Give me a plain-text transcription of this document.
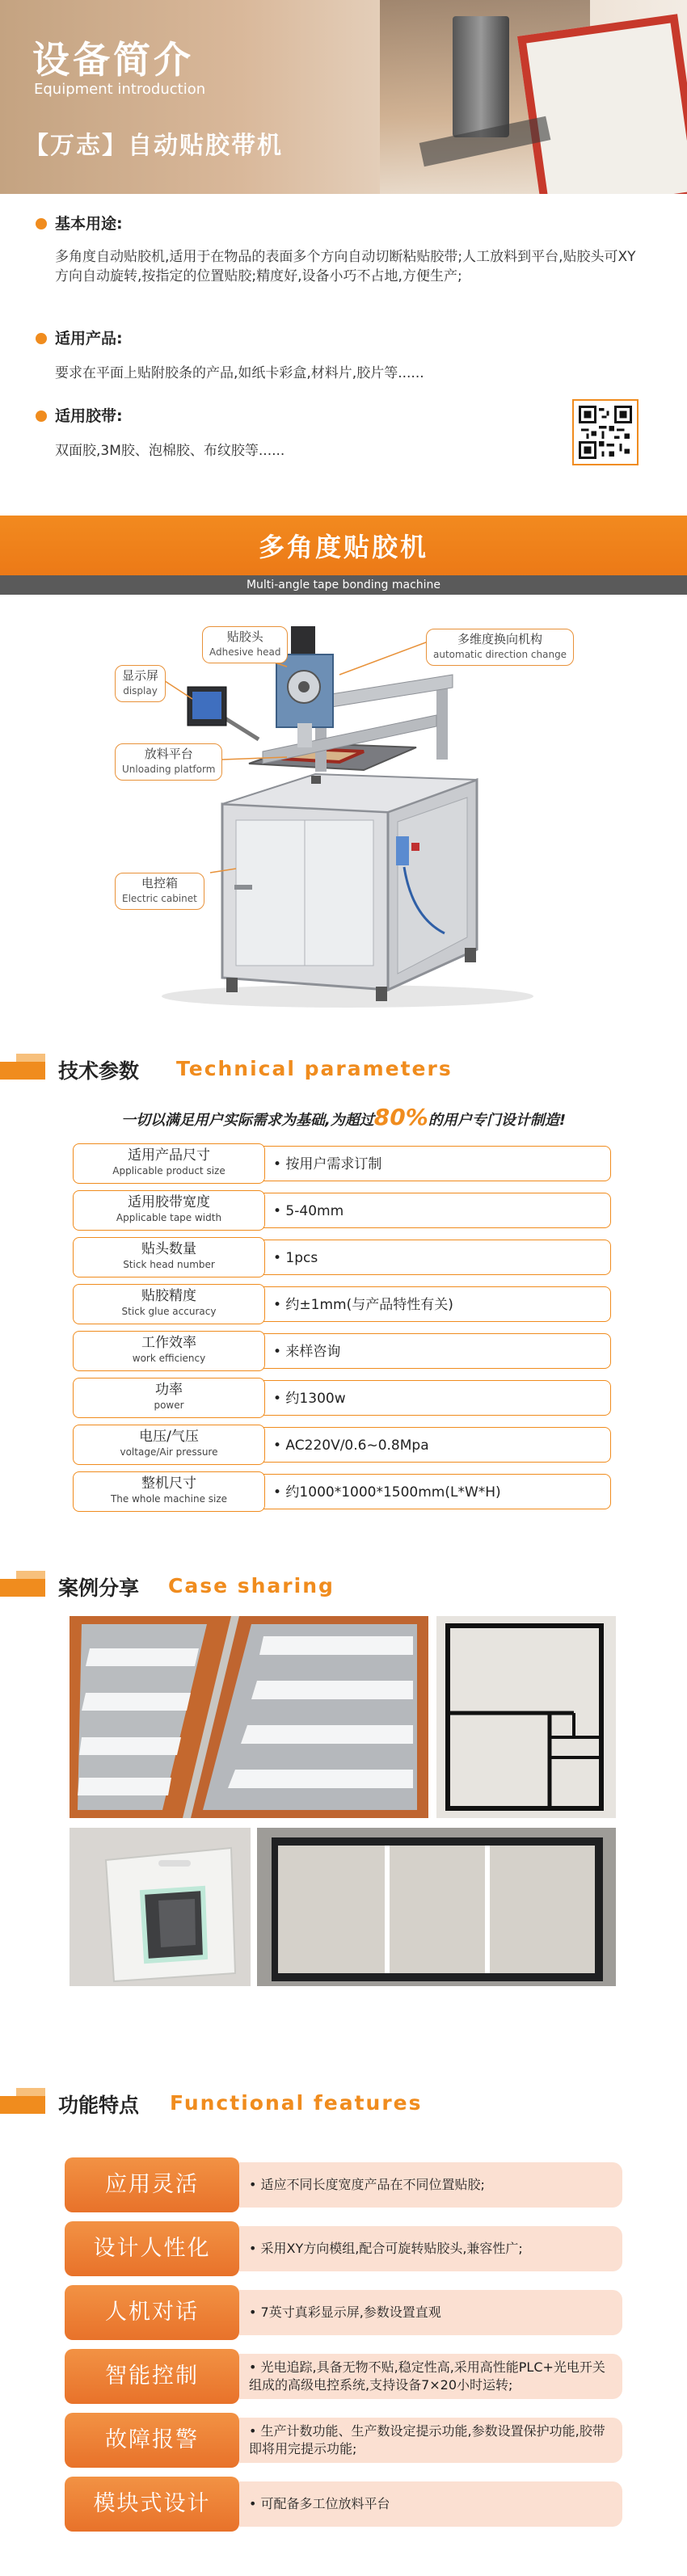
设备简介
Equipment introduction
【万志】自动贴胶带机
基本用途:
多角度自动贴胶机,适用于在物品的表面多个方向自动切断粘贴胶带;人工放料到平台,贴胶头可XY方向自动旋转,按指定的位置贴胶;精度好,设备小巧不占地,方便生产;
适用产品:
要求在平面上贴附胶条的产品,如纸卡彩盒,材料片,胶片等......
适用胶带:
双面胶,3M胶、泡棉胶、布纹胶等......
多角度贴胶机
Multi-angle tape bonding machine
贴胶头
Adhesive head
多维度换向机构
automatic direction change
显示屏
display
放料平台
Unloading platform
电控箱
Electric cabinet
技术参数 Technical parameters
一切以满足用户实际需求为基础,为超过80%的用户专门设计制造!
适用产品尺寸
Applicable product size	• 按用户需求订制
适用胶带宽度
Applicable tape width	• 5-40mm
贴头数量
Stick head number	• 1pcs
贴胶精度
Stick glue accuracy	• 约±1mm(与产品特性有关)
工作效率
work efficiency	• 来样咨询
功率
power	• 约1300w
电压/气压
voltage/Air pressure	• AC220V/0.6~0.8Mpa
整机尺寸
The whole machine size	• 约1000*1000*1500mm(L*W*H)
案例分享 Case sharing
功能特点 Functional features
应用灵活	• 适应不同长度宽度产品在不同位置贴胶;
设计人性化	• 采用XY方向模组,配合可旋转贴胶头,兼容性广;
人机对话	• 7英寸真彩显示屏,参数设置直观
智能控制	• 光电追踪,具备无物不贴,稳定性高,采用高性能PLC+光电开关组成的高级电控系统,支持设备7×20小时运转;
故障报警	• 生产计数功能、生产数设定提示功能,参数设置保护功能,胶带即将用完提示功能;
模块式设计	• 可配备多工位放料平台
